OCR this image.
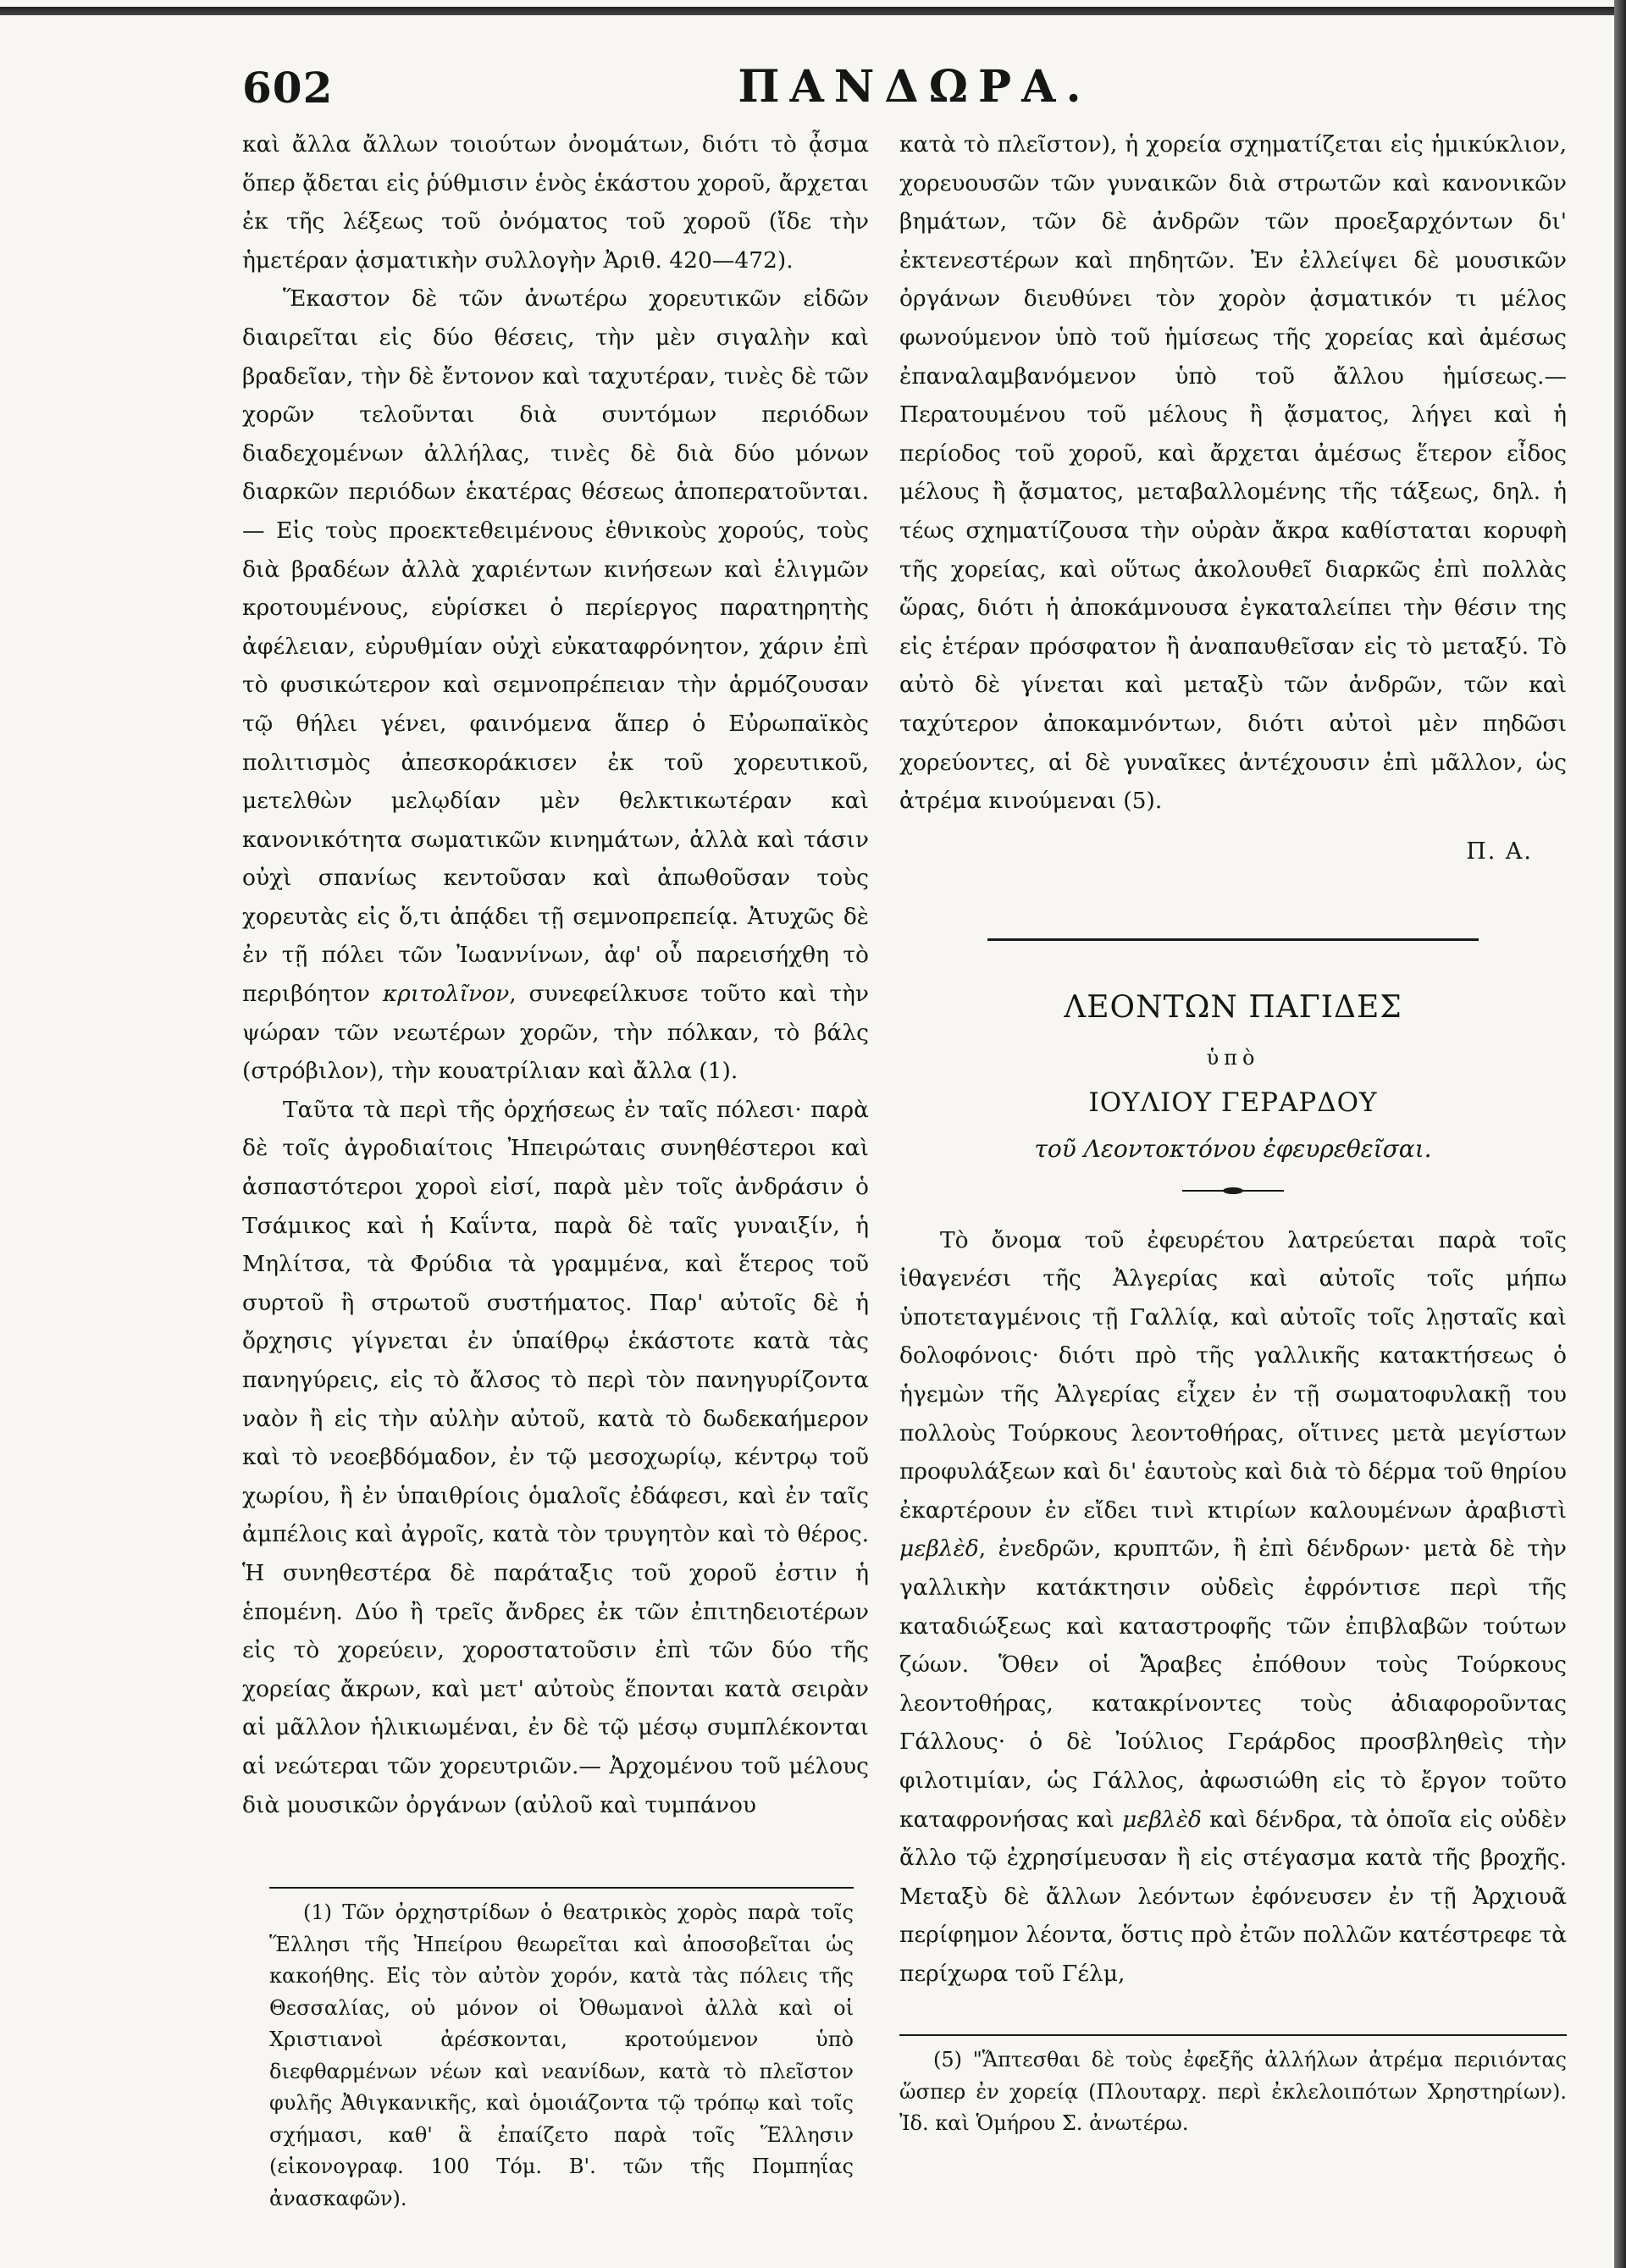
602	ΠΑΝΔΩΡΑ.

καὶ ἄλλα ἄλλων τοιούτων ὀνομάτων, διότι τὸ ᾆσμα ὅπερ ᾄδεται εἰς ῥύθμισιν ἑνὸς ἑκάστου χοροῦ, ἄρχεται ἐκ τῆς λέξεως τοῦ ὀνόματος τοῦ χοροῦ (ἴδε τὴν ἡμετέραν ᾀσματικὴν συλλογὴν Ἀριθ. 420—472).

Ἕκαστον δὲ τῶν ἀνωτέρω χορευτικῶν εἰδῶν διαιρεῖται εἰς δύο θέσεις, τὴν μὲν σιγαλὴν καὶ βραδεῖαν, τὴν δὲ ἔντονον καὶ ταχυτέραν, τινὲς δὲ τῶν χορῶν τελοῦνται διὰ συντόμων περιόδων διαδεχομένων ἀλλήλας, τινὲς δὲ διὰ δύο μόνων διαρκῶν περιόδων ἑκατέρας θέσεως ἀποπερατοῦνται.— Εἰς τοὺς προεκτεθειμένους ἐθνικοὺς χορούς, τοὺς διὰ βραδέων ἀλλὰ χαριέντων κινήσεων καὶ ἑλιγμῶν κροτουμένους, εὑρίσκει ὁ περίεργος παρατηρητὴς ἀφέλειαν, εὐρυθμίαν οὐχὶ εὐκαταφρόνητον, χάριν ἐπὶ τὸ φυσικώτερον καὶ σεμνοπρέπειαν τὴν ἁρμόζουσαν τῷ θήλει γένει, φαινόμενα ἅπερ ὁ Εὐρωπαϊκὸς πολιτισμὸς ἀπεσκοράκισεν ἐκ τοῦ χορευτικοῦ, μετελθὼν μελῳδίαν μὲν θελκτικωτέραν καὶ κανονικότητα σωματικῶν κινημάτων, ἀλλὰ καὶ τάσιν οὐχὶ σπανίως κεντοῦσαν καὶ ἀπωθοῦσαν τοὺς χορευτὰς εἰς ὅ,τι ἀπᾴδει τῇ σεμνοπρεπείᾳ. Ἀτυχῶς δὲ ἐν τῇ πόλει τῶν Ἰωαννίνων, ἀφ' οὗ παρεισήχθη τὸ περιβόητον κριτολῖνον, συνεφείλκυσε τοῦτο καὶ τὴν ψώραν τῶν νεωτέρων χορῶν, τὴν πόλκαν, τὸ βάλς (στρόβιλον), τὴν κουατρίλιαν καὶ ἄλλα (1).

Ταῦτα τὰ περὶ τῆς ὀρχήσεως ἐν ταῖς πόλεσι· παρὰ δὲ τοῖς ἀγροδιαίτοις Ἠπειρώταις συνηθέστεροι καὶ ἀσπαστότεροι χοροὶ εἰσί, παρὰ μὲν τοῖς ἀνδράσιν ὁ Τσάμικος καὶ ἡ Καΐντα, παρὰ δὲ ταῖς γυναιξίν, ἡ Μηλίτσα, τὰ Φρύδια τὰ γραμμένα, καὶ ἕτερος τοῦ συρτοῦ ἢ στρωτοῦ συστήματος. Παρ' αὐτοῖς δὲ ἡ ὄρχησις γίγνεται ἐν ὑπαίθρῳ ἑκάστοτε κατὰ τὰς πανηγύρεις, εἰς τὸ ἄλσος τὸ περὶ τὸν πανηγυρίζοντα ναὸν ἢ εἰς τὴν αὐλὴν αὐτοῦ, κατὰ τὸ δωδεκαήμερον καὶ τὸ νεοεβδόμαδον, ἐν τῷ μεσοχωρίῳ, κέντρῳ τοῦ χωρίου, ἢ ἐν ὑπαιθρίοις ὁμαλοῖς ἐδάφεσι, καὶ ἐν ταῖς ἀμπέλοις καὶ ἀγροῖς, κατὰ τὸν τρυγητὸν καὶ τὸ θέρος. Ἡ συνηθεστέρα δὲ παράταξις τοῦ χοροῦ ἐστιν ἡ ἑπομένη. Δύο ἢ τρεῖς ἄνδρες ἐκ τῶν ἐπιτηδειοτέρων εἰς τὸ χορεύειν, χοροστατοῦσιν ἐπὶ τῶν δύο τῆς χορείας ἄκρων, καὶ μετ' αὐτοὺς ἕπονται κατὰ σειρὰν αἱ μᾶλλον ἡλικιωμέναι, ἐν δὲ τῷ μέσῳ συμπλέκονται αἱ νεώτεραι τῶν χορευτριῶν.— Ἀρχομένου τοῦ μέλους διὰ μουσικῶν ὀργάνων (αὐλοῦ καὶ τυμπάνου

(1) Τῶν ὀρχηστρίδων ὁ θεατρικὸς χορὸς παρὰ τοῖς Ἕλλησι τῆς Ἠπείρου θεωρεῖται καὶ ἀποσοβεῖται ὡς κακοήθης. Εἰς τὸν αὐτὸν χορόν, κατὰ τὰς πόλεις τῆς Θεσσαλίας, οὐ μόνον οἱ Ὀθωμανοὶ ἀλλὰ καὶ οἱ Χριστιανοὶ ἀρέσκονται, κροτούμενον ὑπὸ διεφθαρμένων νέων καὶ νεανίδων, κατὰ τὸ πλεῖστον φυλῆς Ἀθιγκανικῆς, καὶ ὁμοιάζοντα τῷ τρόπῳ καὶ τοῖς σχήμασι, καθ' ἃ ἐπαίζετο παρὰ τοῖς Ἕλλησιν (εἰκονογραφ. 100 Τόμ. Β'. τῶν τῆς Πομπηΐας ἀνασκαφῶν).

κατὰ τὸ πλεῖστον), ἡ χορεία σχηματίζεται εἰς ἡμικύκλιον, χορευουσῶν τῶν γυναικῶν διὰ στρωτῶν καὶ κανονικῶν βημάτων, τῶν δὲ ἀνδρῶν τῶν προεξαρχόντων δι' ἐκτενεστέρων καὶ πηδητῶν. Ἐν ἐλλείψει δὲ μουσικῶν ὀργάνων διευθύνει τὸν χορὸν ᾀσματικόν τι μέλος φωνούμενον ὑπὸ τοῦ ἡμίσεως τῆς χορείας καὶ ἀμέσως ἐπαναλαμβανόμενον ὑπὸ τοῦ ἄλλου ἡμίσεως.— Περατουμένου τοῦ μέλους ἢ ᾄσματος, λήγει καὶ ἡ περίοδος τοῦ χοροῦ, καὶ ἄρχεται ἀμέσως ἕτερον εἶδος μέλους ἢ ᾄσματος, μεταβαλλομένης τῆς τάξεως, δηλ. ἡ τέως σχηματίζουσα τὴν οὐρὰν ἄκρα καθίσταται κορυφὴ τῆς χορείας, καὶ οὕτως ἀκολουθεῖ διαρκῶς ἐπὶ πολλὰς ὥρας, διότι ἡ ἀποκάμνουσα ἐγκαταλείπει τὴν θέσιν της εἰς ἑτέραν πρόσφατον ἢ ἀναπαυθεῖσαν εἰς τὸ μεταξύ. Τὸ αὐτὸ δὲ γίνεται καὶ μεταξὺ τῶν ἀνδρῶν, τῶν καὶ ταχύτερον ἀποκαμνόντων, διότι αὐτοὶ μὲν πηδῶσι χορεύοντες, αἱ δὲ γυναῖκες ἀντέχουσιν ἐπὶ μᾶλλον, ὡς ἀτρέμα κινούμεναι (5).

Π. Α.
ΛΕΟΝΤΩΝ ΠΑΓΙΔΕΣ
ὑπὸ
ΙΟΥΛΙΟΥ ΓΕΡΑΡΔΟΥ
τοῦ Λεοντοκτόνου ἐφευρεθεῖσαι.

Τὸ ὄνομα τοῦ ἐφευρέτου λατρεύεται παρὰ τοῖς ἰθαγενέσι τῆς Ἀλγερίας καὶ αὐτοῖς τοῖς μήπω ὑποτεταγμένοις τῇ Γαλλίᾳ, καὶ αὐτοῖς τοῖς λῃσταῖς καὶ δολοφόνοις· διότι πρὸ τῆς γαλλικῆς κατακτήσεως ὁ ἡγεμὼν τῆς Ἀλγερίας εἶχεν ἐν τῇ σωματοφυλακῇ του πολλοὺς Τούρκους λεοντοθήρας, οἵτινες μετὰ μεγίστων προφυλάξεων καὶ δι' ἑαυτοὺς καὶ διὰ τὸ δέρμα τοῦ θηρίου ἐκαρτέρουν ἐν εἴδει τινὶ κτιρίων καλουμένων ἀραβιστὶ μεβλὲδ, ἐνεδρῶν, κρυπτῶν, ἢ ἐπὶ δένδρων· μετὰ δὲ τὴν γαλλικὴν κατάκτησιν οὐδεὶς ἐφρόντισε περὶ τῆς καταδιώξεως καὶ καταστροφῆς τῶν ἐπιβλαβῶν τούτων ζώων. Ὅθεν οἱ Ἄραβες ἐπόθουν τοὺς Τούρκους λεοντοθήρας, κατακρίνοντες τοὺς ἀδιαφοροῦντας Γάλλους· ὁ δὲ Ἰούλιος Γεράρδος προσβληθεὶς τὴν φιλοτιμίαν, ὡς Γάλλος, ἀφωσιώθη εἰς τὸ ἔργον τοῦτο καταφρονήσας καὶ μεβλὲδ καὶ δένδρα, τὰ ὁποῖα εἰς οὐδὲν ἄλλο τῷ ἐχρησίμευσαν ἢ εἰς στέγασμα κατὰ τῆς βροχῆς. Μεταξὺ δὲ ἄλλων λεόντων ἐφόνευσεν ἐν τῇ Ἀρχιουᾶ περίφημον λέοντα, ὅστις πρὸ ἐτῶν πολλῶν κατέστρεφε τὰ περίχωρα τοῦ Γέλμ,

(5) "Ἅπτεσθαι δὲ τοὺς ἐφεξῆς ἀλλήλων ἀτρέμα περιιόντας ὥσπερ ἐν χορείᾳ (Πλουταρχ. περὶ ἐκλελοιπότων Χρηστηρίων). Ἰδ. καὶ Ὁμήρου Σ. ἀνωτέρω.
